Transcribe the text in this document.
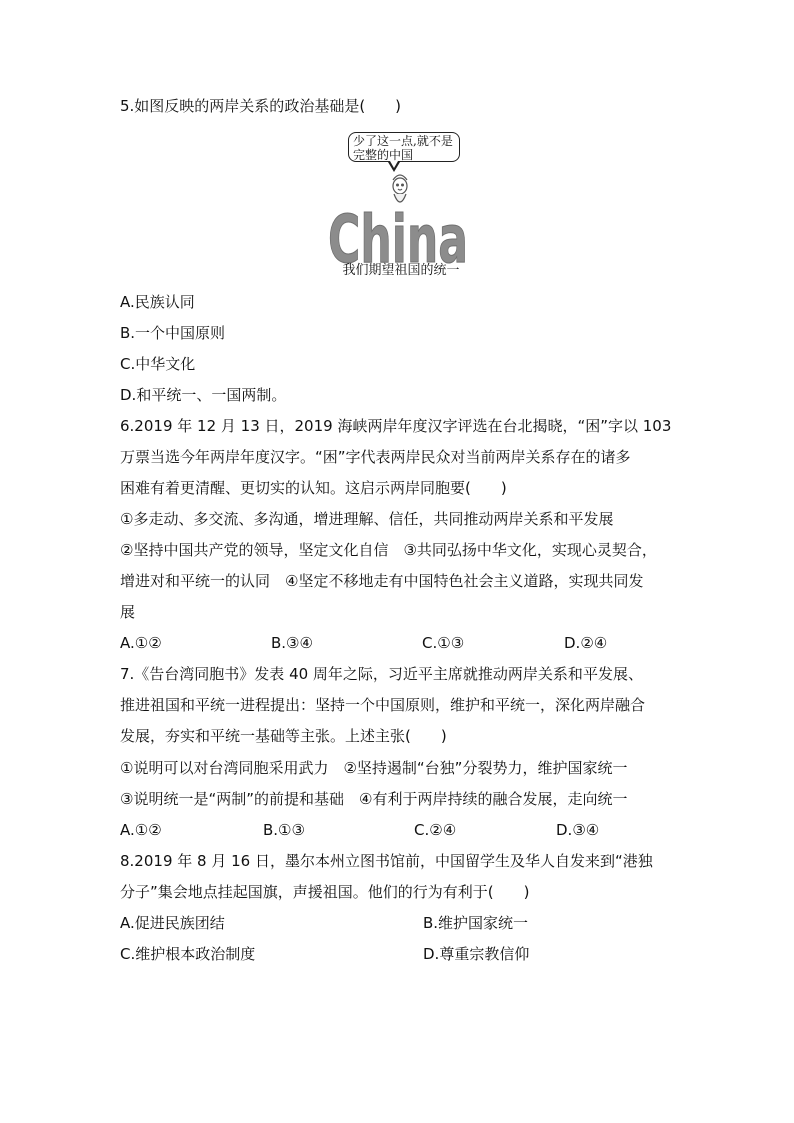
5.如图反映的两岸关系的政治基础是(　　)
少了这一点,就不是完整的中国
China
我们期望祖国的统一
A.民族认同
B.一个中国原则
C.中华文化
D.和平统一、一国两制。
6.2019 年 12 月 13 日，2019 海峡两岸年度汉字评选在台北揭晓，“困”字以 103
万票当选今年两岸年度汉字。“困”字代表两岸民众对当前两岸关系存在的诸多
困难有着更清醒、更切实的认知。这启示两岸同胞要(　　)
①多走动、多交流、多沟通，增进理解、信任，共同推动两岸关系和平发展
②坚持中国共产党的领导，坚定文化自信　③共同弘扬中华文化，实现心灵契合，
增进对和平统一的认同　④坚定不移地走有中国特色社会主义道路，实现共同发
展
A.①②	B.③④	C.①③	D.②④
7.《告台湾同胞书》发表 40 周年之际，习近平主席就推动两岸关系和平发展、
推进祖国和平统一进程提出：坚持一个中国原则，维护和平统一，深化两岸融合
发展，夯实和平统一基础等主张。上述主张(　　)
①说明可以对台湾同胞采用武力　②坚持遏制“台独”分裂势力，维护国家统一
③说明统一是“两制”的前提和基础　④有利于两岸持续的融合发展，走向统一
A.①②	B.①③	C.②④	D.③④
8.2019 年 8 月 16 日，墨尔本州立图书馆前，中国留学生及华人自发来到“港独
分子”集会地点挂起国旗，声援祖国。他们的行为有利于(　　)
A.促进民族团结	B.维护国家统一
C.维护根本政治制度	D.尊重宗教信仰
